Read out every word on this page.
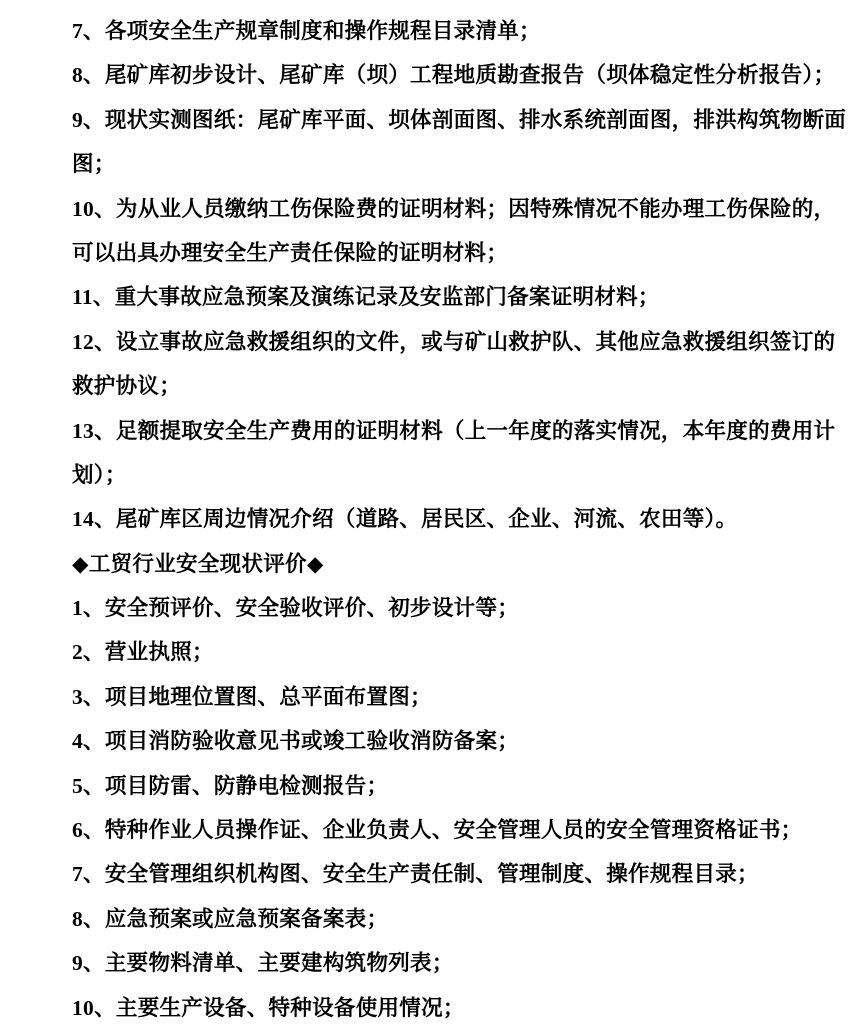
7、各项安全生产规章制度和操作规程目录清单；
8、尾矿库初步设计、尾矿库（坝）工程地质勘查报告（坝体稳定性分析报告）；
9、现状实测图纸：尾矿库平面、坝体剖面图、排水系统剖面图，排洪构筑物断面
图；
10、为从业人员缴纳工伤保险费的证明材料；因特殊情况不能办理工伤保险的，
可以出具办理安全生产责任保险的证明材料；
11、重大事故应急预案及演练记录及安监部门备案证明材料；
12、设立事故应急救援组织的文件，或与矿山救护队、其他应急救援组织签订的
救护协议；
13、足额提取安全生产费用的证明材料（上一年度的落实情况，本年度的费用计
划）；
14、尾矿库区周边情况介绍（道路、居民区、企业、河流、农田等）。
◆工贸行业安全现状评价◆
1、安全预评价、安全验收评价、初步设计等；
2、营业执照；
3、项目地理位置图、总平面布置图；
4、项目消防验收意见书或竣工验收消防备案；
5、项目防雷、防静电检测报告；
6、特种作业人员操作证、企业负责人、安全管理人员的安全管理资格证书；
7、安全管理组织机构图、安全生产责任制、管理制度、操作规程目录；
8、应急预案或应急预案备案表；
9、主要物料清单、主要建构筑物列表；
10、主要生产设备、特种设备使用情况；
